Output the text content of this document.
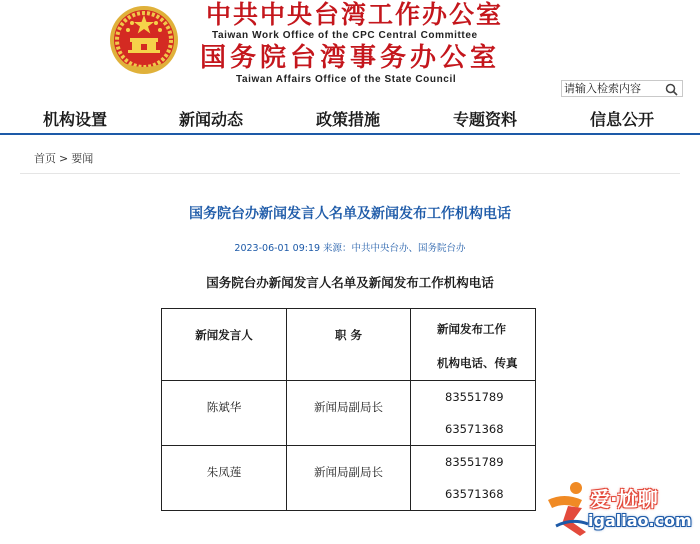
中共中央台湾工作办公室
Taiwan Work Office of the CPC Central Committee
国务院台湾事务办公室
Taiwan Affairs Office of the State Council
请输入检索内容
机构设置	新闻动态	政策措施	专题资料	信息公开
首页 > 要闻
国务院台办新闻发言人名单及新闻发布工作机构电话
2023-06-01 09:19 来源：中共中央台办、国务院台办
国务院台办新闻发言人名单及新闻发布工作机构电话
新闻发言人	职 务	新闻发布工作
机构电话、传真

陈斌华	新闻局副局长	83551789
63571368

朱凤莲	新闻局副局长	83551789
63571368	爱·尬聊
igaliao.com
